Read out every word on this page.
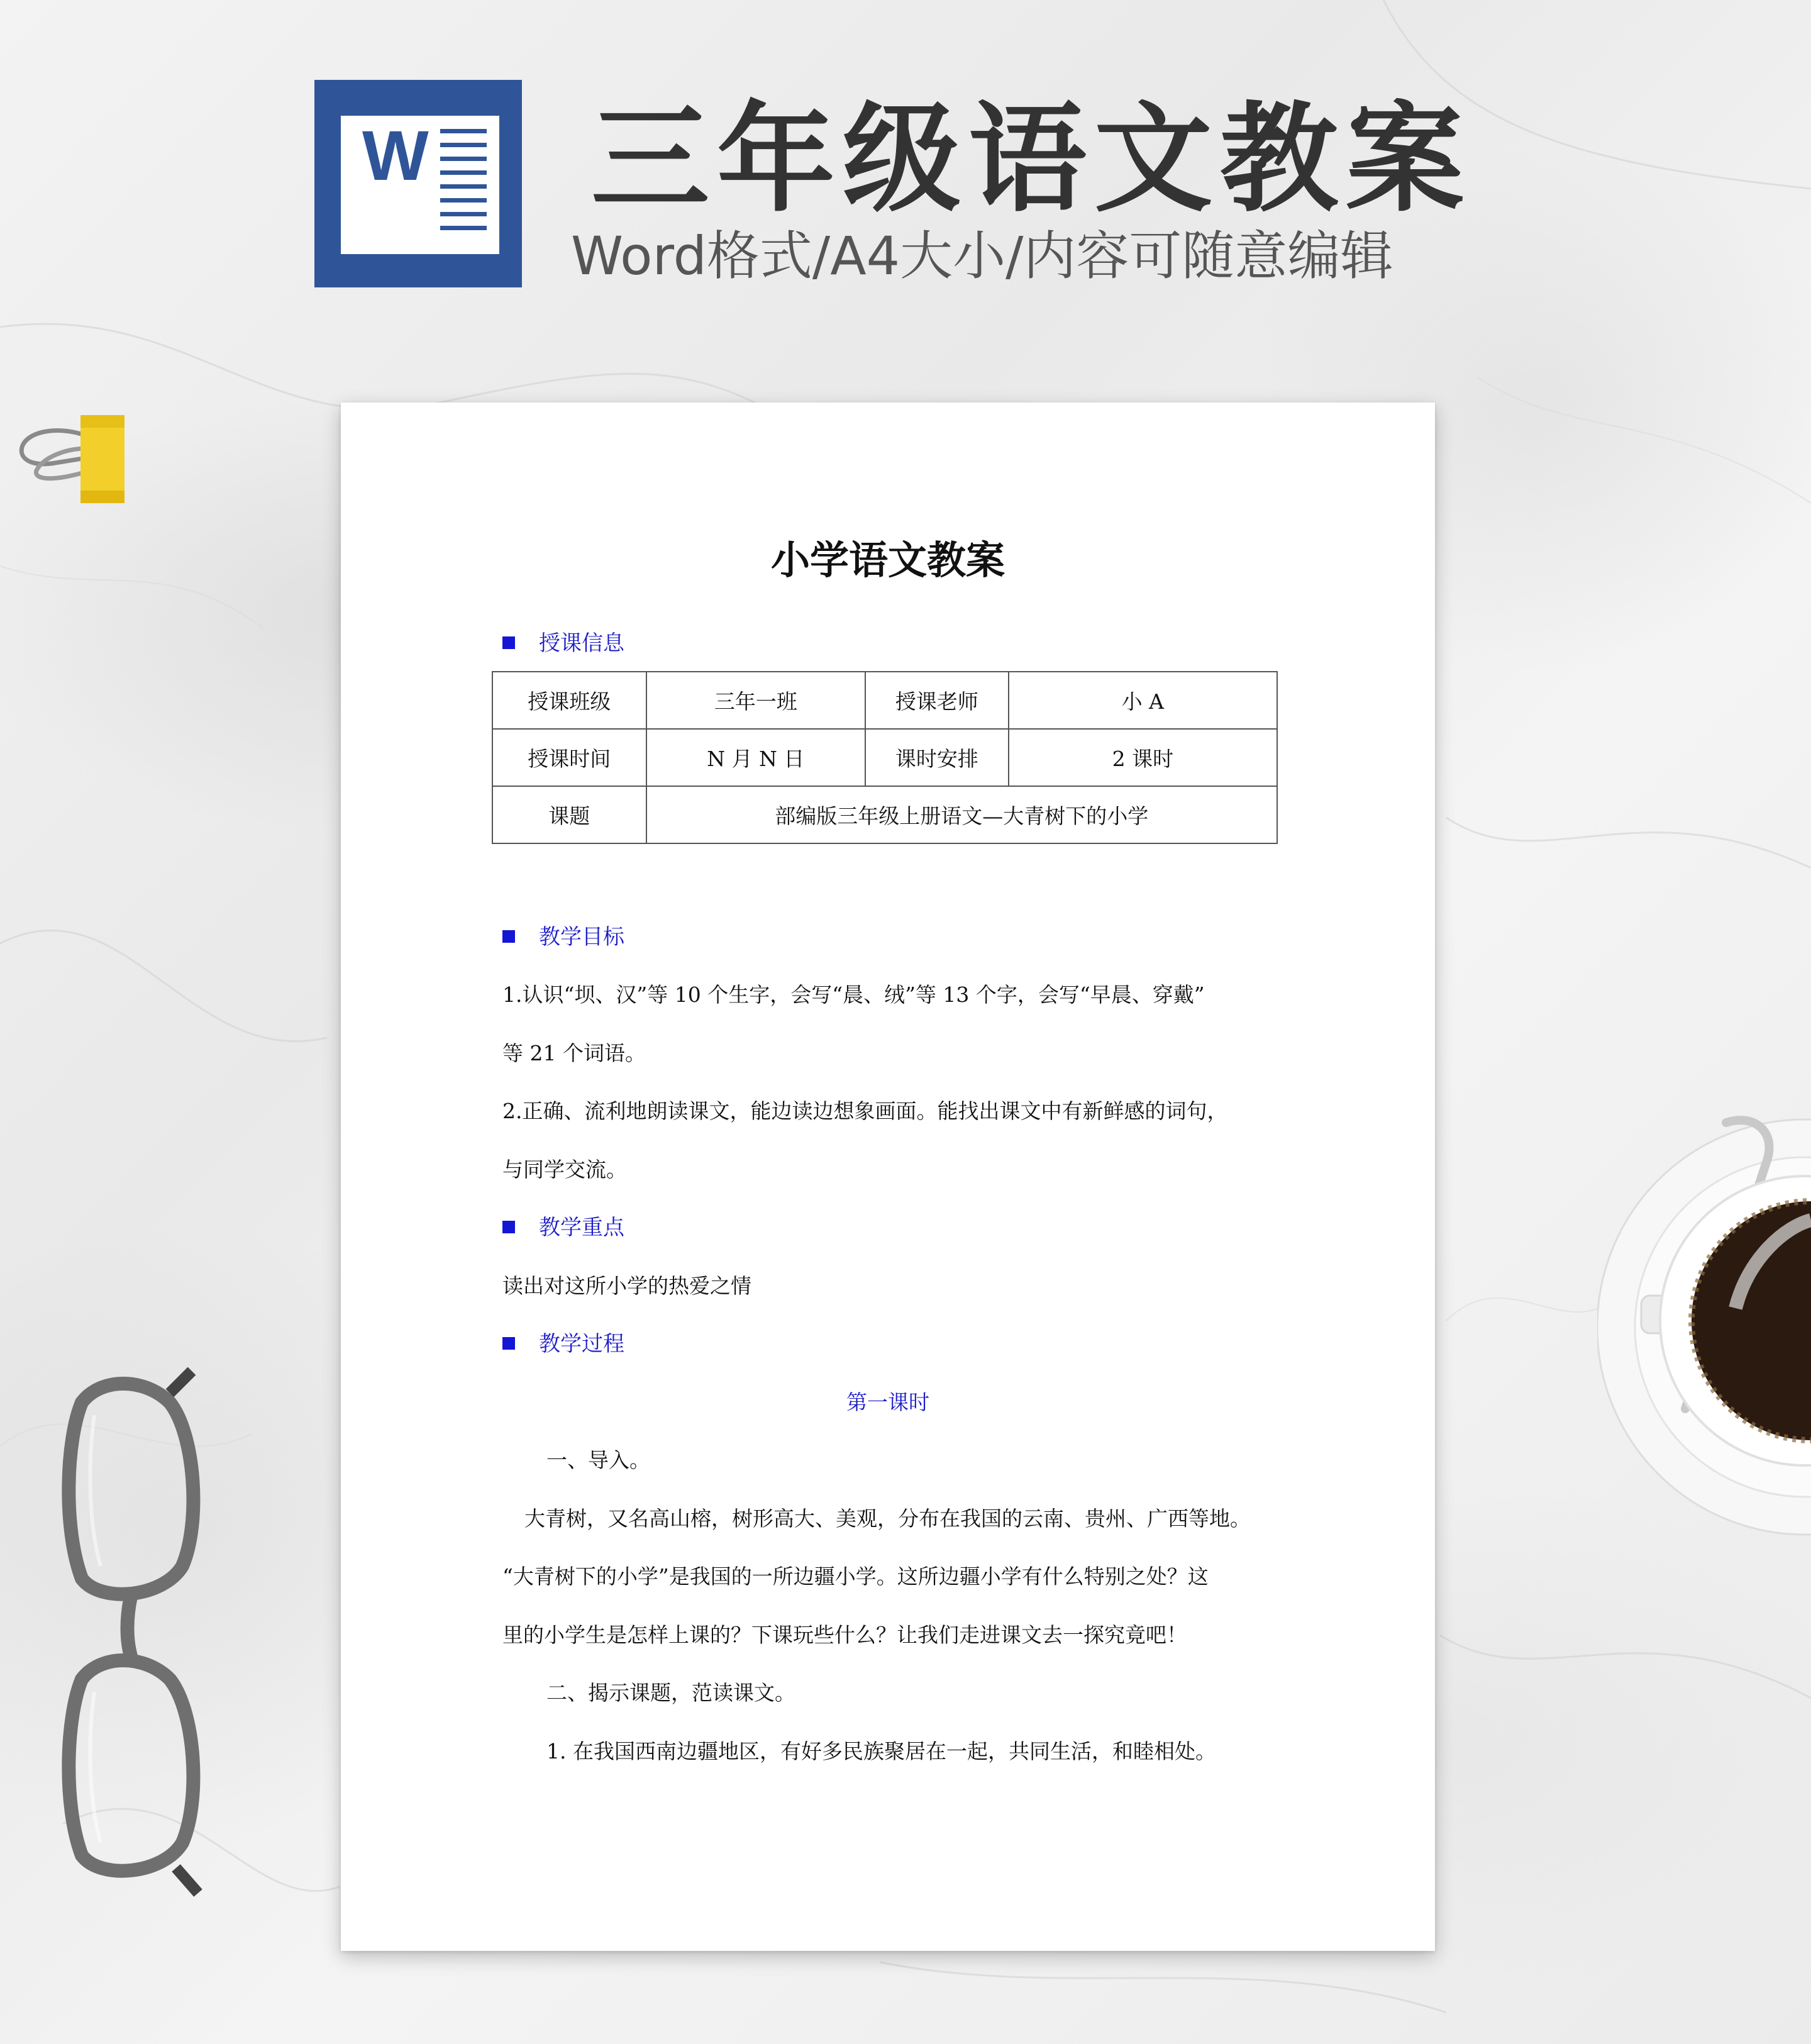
W 三年级语文教案
Word格式/A4大小/内容可随意编辑
小学语文教案
授课信息
授课班级	三年一班	授课老师	小 A
授课时间	N 月 N 日	课时安排	2 课时
课题	部编版三年级上册语文—大青树下的小学		
教学目标
1.认识“坝、汉”等 10 个生字，会写“晨、绒”等 13 个字，会写“早晨、穿戴”
等 21 个词语。
2.正确、流利地朗读课文，能边读边想象画面。能找出课文中有新鲜感的词句，
与同学交流。
教学重点
读出对这所小学的热爱之情
教学过程
第一课时
一、导入。
大青树，又名高山榕，树形高大、美观，分布在我国的云南、贵州、广西等地。
“大青树下的小学”是我国的一所边疆小学。这所边疆小学有什么特别之处？这
里的小学生是怎样上课的？下课玩些什么？让我们走进课文去一探究竟吧！
二、揭示课题，范读课文。
1. 在我国西南边疆地区，有好多民族聚居在一起，共同生活，和睦相处。
